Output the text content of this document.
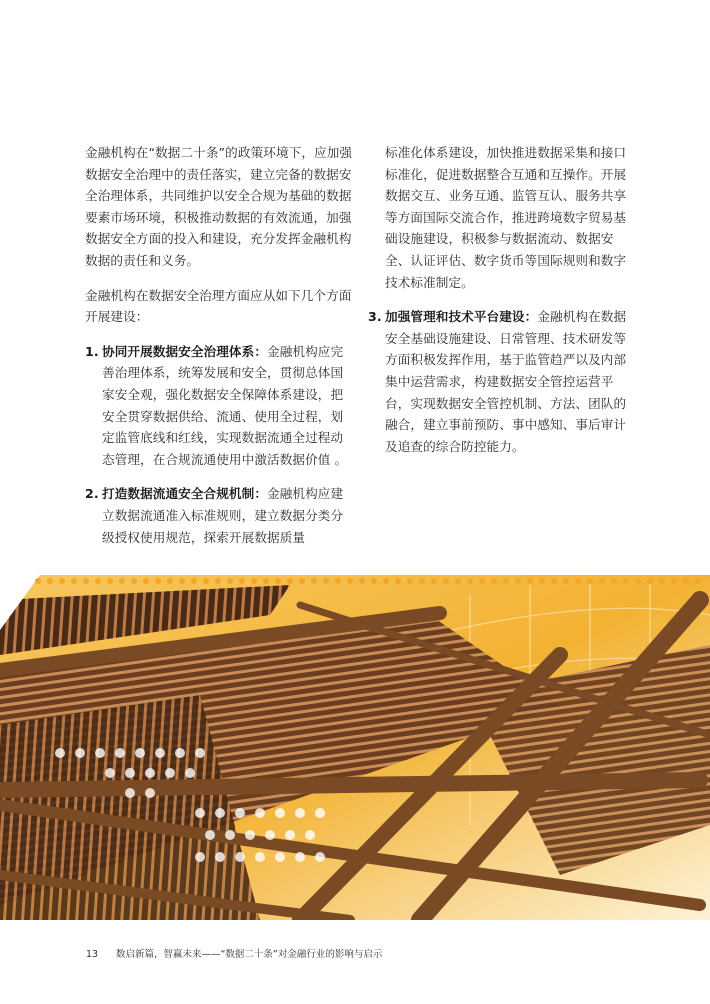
金融机构在“数据二十条”的政策环境下，应加强数据安全治理中的责任落实，建立完备的数据安全治理体系，共同维护以安全合规为基础的数据要素市场环境，积极推动数据的有效流通，加强数据安全方面的投入和建设，充分发挥金融机构数据的责任和义务。

金融机构在数据安全治理方面应从如下几个方面开展建设：

1. 协同开展数据安全治理体系：金融机构应完善治理体系，统筹发展和安全，贯彻总体国家安全观，强化数据安全保障体系建设，把安全贯穿数据供给、流通、使用全过程，划定监管底线和红线，实现数据流通全过程动态管理，在合规流通使用中激活数据价值 。
2. 打造数据流通安全合规机制：金融机构应建立数据流通准入标准规则，建立数据分类分级授权使用规范，探索开展数据质量

标准化体系建设，加快推进数据采集和接口标准化，促进数据整合互通和互操作。开展数据交互、业务互通、监管互认、服务共享等方面国际交流合作，推进跨境数字贸易基础设施建设，积极参与数据流动、数据安全、认证评估、数字货币等国际规则和数字技术标准制定。

3. 加强管理和技术平台建设：金融机构在数据安全基础设施建设、日常管理、技术研发等方面积极发挥作用，基于监管趋严以及内部集中运营需求，构建数据安全管控运营平台，实现数据安全管控机制、方法、团队的融合，建立事前预防、事中感知、事后审计及追查的综合防控能力。
13 数启新篇，智赢未来——“数据二十条”对金融行业的影响与启示
